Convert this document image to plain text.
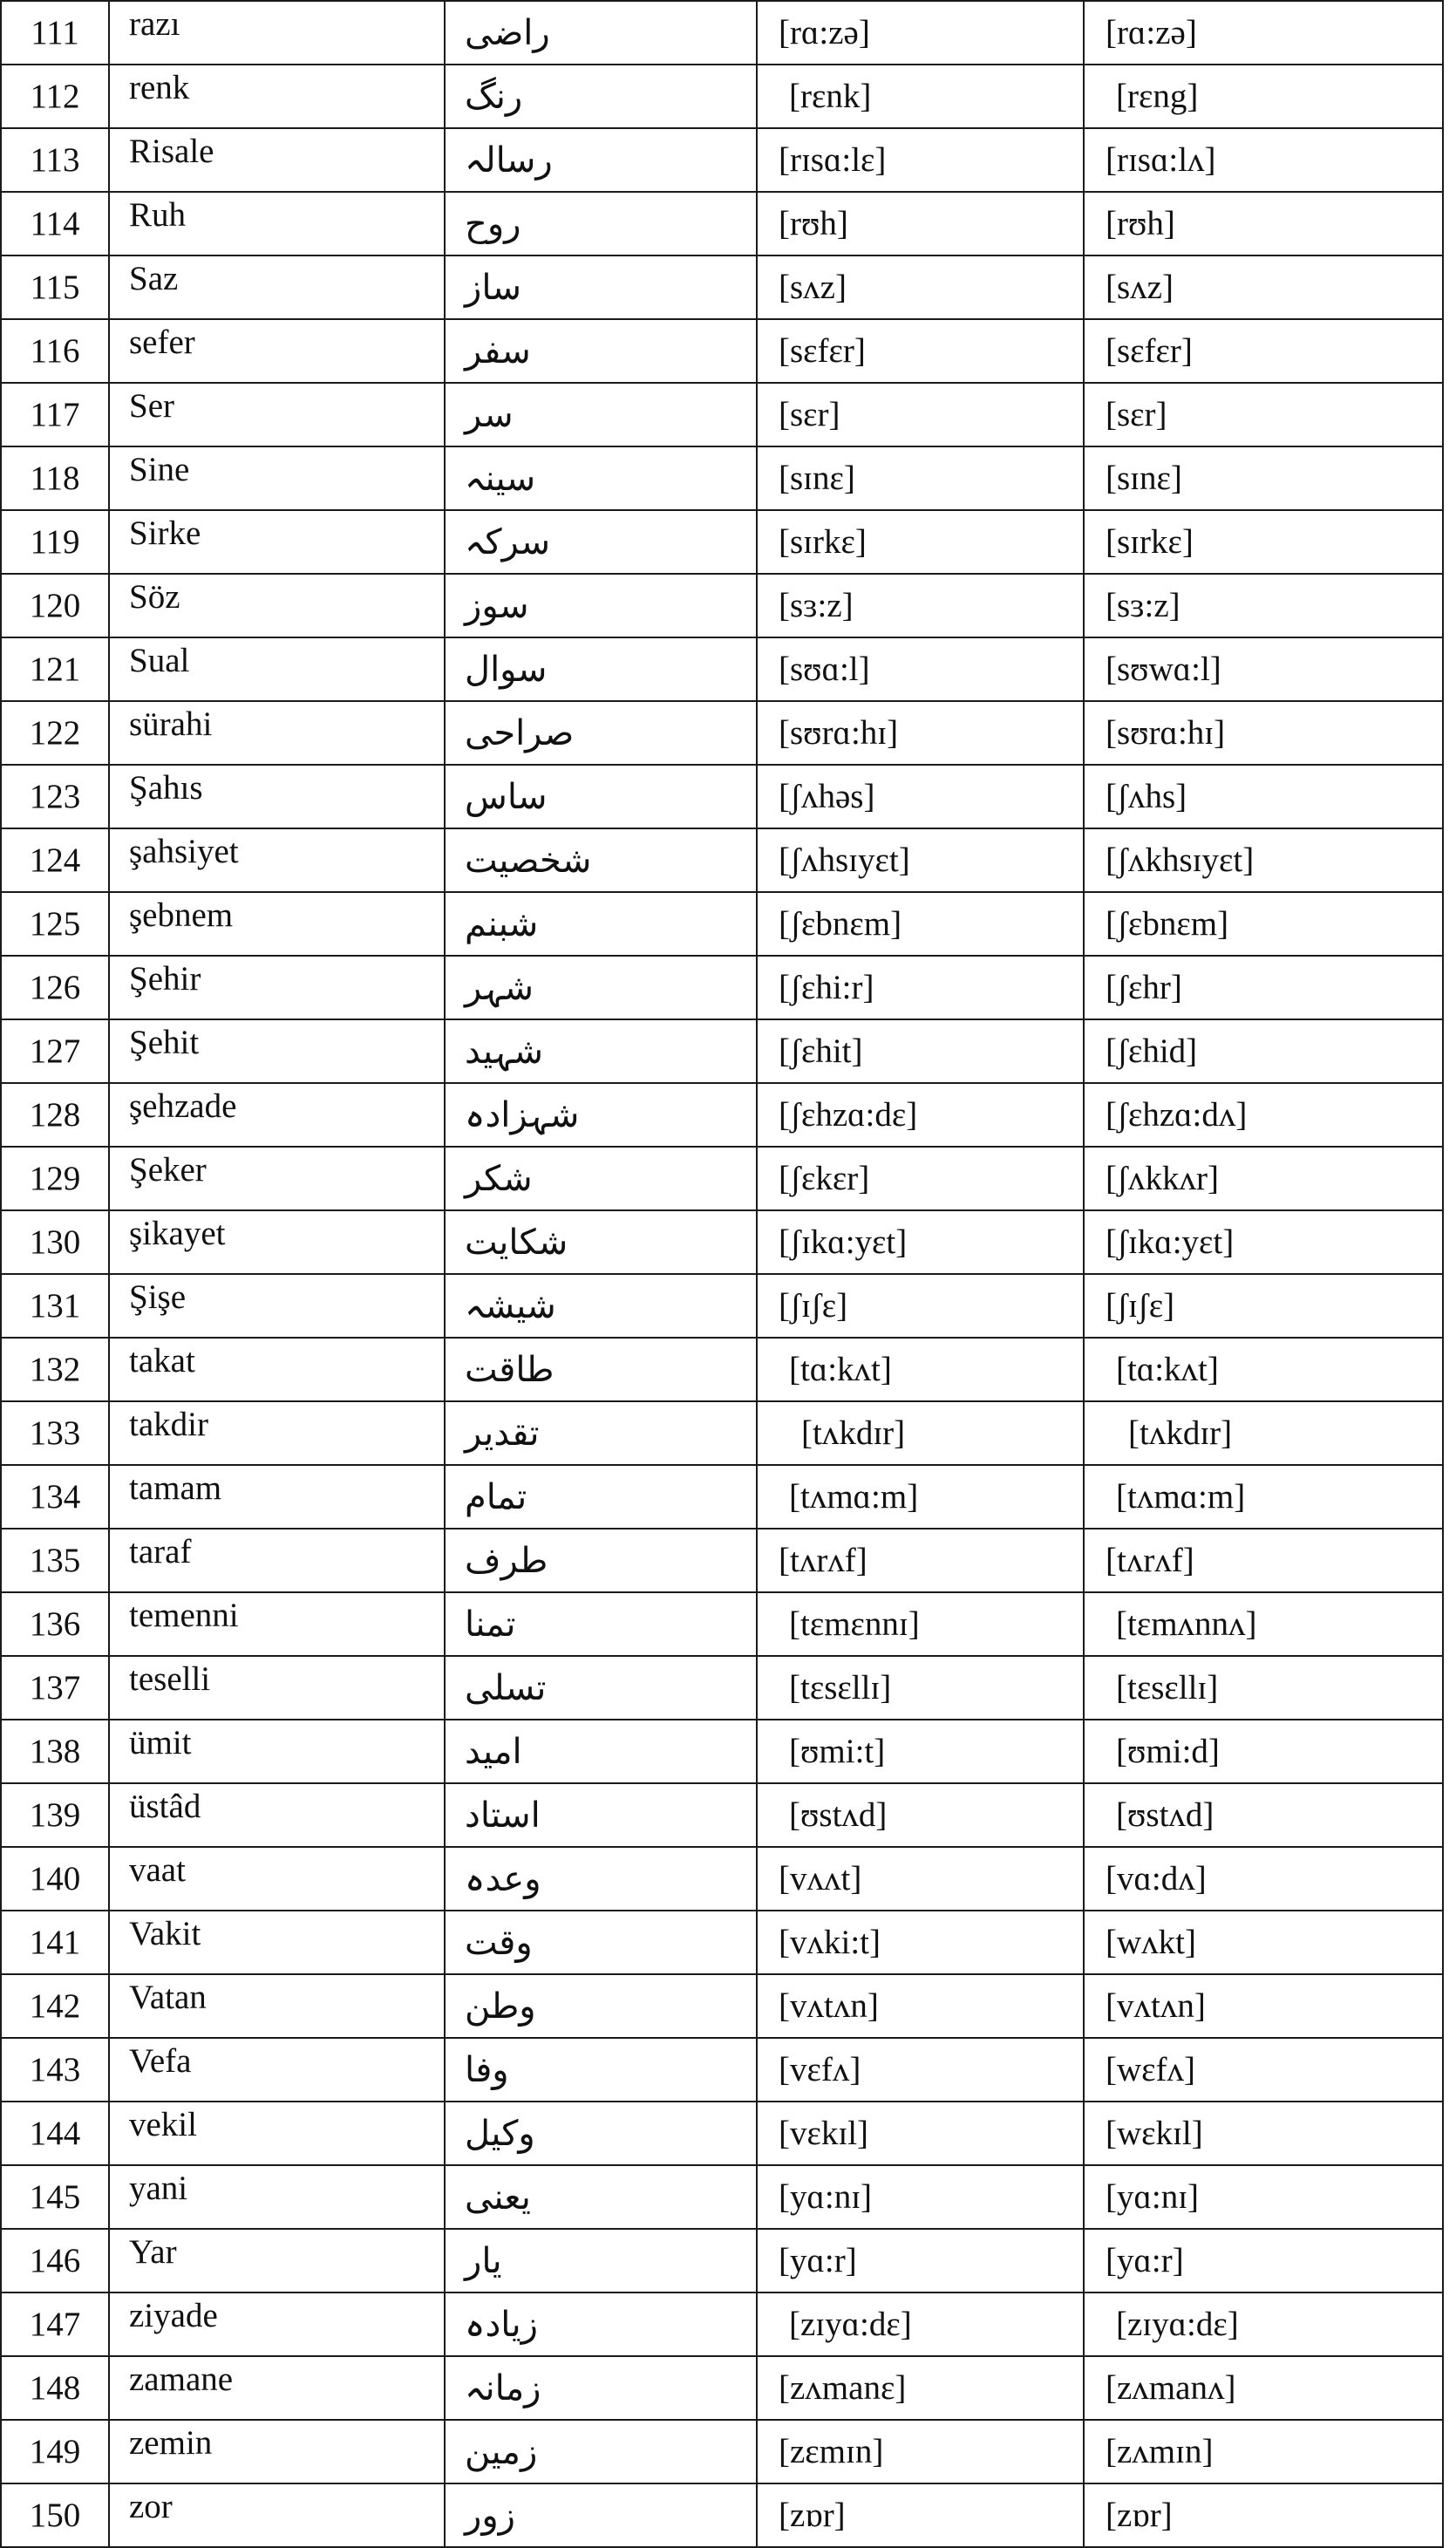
111	razı	راضی	[rɑ:zə]	[rɑ:zə]
112	renk	رنگ	[rɛnk]	[rɛng]
113	Risale	رسالہ	[rɪsɑ:lɛ]	[rɪsɑ:lʌ]
114	Ruh	روح	[rʊh]	[rʊh]
115	Saz	ساز	[sʌz]	[sʌz]
116	sefer	سفر	[sɛfɛr]	[sɛfɛr]
117	Ser	سر	[sɛr]	[sɛr]
118	Sine	سینہ	[sɪnɛ]	[sɪnɛ]
119	Sirke	سرکہ	[sɪrkɛ]	[sɪrkɛ]
120	Söz	سوز	[sɜ:z]	[sɜ:z]
121	Sual	سوال	[sʊɑ:l]	[sʊwɑ:l]
122	sürahi	صراحی	[sʊrɑ:hɪ]	[sʊrɑ:hɪ]
123	Şahıs	ساس	[ʃʌhəs]	[ʃʌhs]
124	şahsiyet	شخصیت	[ʃʌhsɪyɛt]	[ʃʌkhsɪyɛt]
125	şebnem	شبنم	[ʃɛbnɛm]	[ʃɛbnɛm]
126	Şehir	شہر	[ʃɛhi:r]	[ʃɛhr]
127	Şehit	شہید	[ʃɛhit]	[ʃɛhid]
128	şehzade	شہزادہ	[ʃɛhzɑ:dɛ]	[ʃɛhzɑ:dʌ]
129	Şeker	شکر	[ʃɛkɛr]	[ʃʌkkʌr]
130	şikayet	شکایت	[ʃɪkɑ:yɛt]	[ʃɪkɑ:yɛt]
131	Şişe	شیشہ	[ʃɪʃɛ]	[ʃɪʃɛ]
132	takat	طاقت	[tɑ:kʌt]	[tɑ:kʌt]
133	takdir	تقدیر	[tʌkdɪr]	[tʌkdɪr]
134	tamam	تمام	[tʌmɑ:m]	[tʌmɑ:m]
135	taraf	طرف	[tʌrʌf]	[tʌrʌf]
136	temenni	تمنا	[tɛmɛnnɪ]	[tɛmʌnnʌ]
137	teselli	تسلی	[tɛsɛllɪ]	[tɛsɛllɪ]
138	ümit	امید	[ʊmi:t]	[ʊmi:d]
139	üstâd	استاد	[ʊstʌd]	[ʊstʌd]
140	vaat	وعدہ	[vʌʌt]	[vɑ:dʌ]
141	Vakit	وقت	[vʌki:t]	[wʌkt]
142	Vatan	وطن	[vʌtʌn]	[vʌtʌn]
143	Vefa	وفا	[vɛfʌ]	[wɛfʌ]
144	vekil	وکیل	[vɛkɪl]	[wɛkɪl]
145	yani	یعنی	[yɑ:nɪ]	[yɑ:nɪ]
146	Yar	یار	[yɑ:r]	[yɑ:r]
147	ziyade	زیادہ	[zɪyɑ:dɛ]	[zɪyɑ:dɛ]
148	zamane	زمانہ	[zʌmanɛ]	[zʌmanʌ]
149	zemin	زمین	[zɛmɪn]	[zʌmɪn]
150	zor	زور	[zɒr]	[zɒr]
